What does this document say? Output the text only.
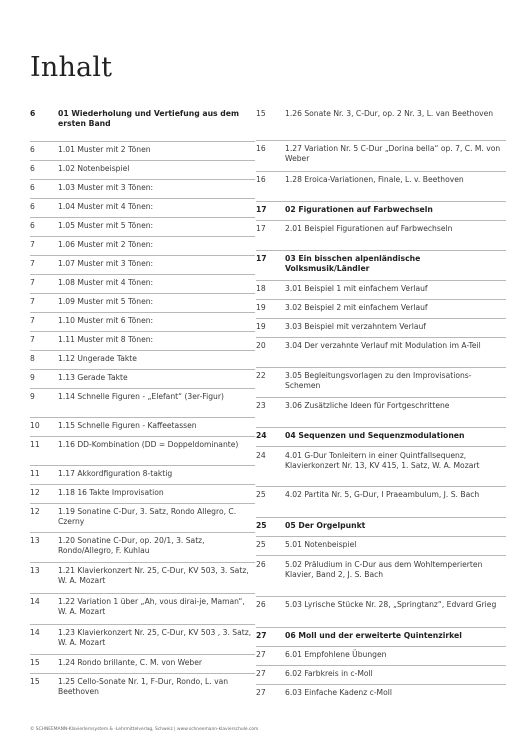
Inhalt
6	01 Wiederholung und Vertiefung aus dem ersten Band
6	1.01 Muster mit 2 Tönen
6	1.02 Notenbeispiel
6	1.03 Muster mit 3 Tönen:
6	1.04 Muster mit 4 Tönen:
6	1.05 Muster mit 5 Tönen:
7	1.06 Muster mit 2 Tönen:
7	1.07 Muster mit 3 Tönen:
7	1.08 Muster mit 4 Tönen:
7	1.09 Muster mit 5 Tönen:
7	1.10 Muster mit 6 Tönen:
7	1.11 Muster mit 8 Tönen:
8	1.12 Ungerade Takte
9	1.13 Gerade Takte
9	1.14 Schnelle Figuren - „Elefant“ (3er-Figur)
10	1.15 Schnelle Figuren - Kaffeetassen
11	1.16 DD-Kombination (DD = Doppeldominante)
11	1.17 Akkordfiguration 8-taktig
12	1.18 16 Takte Improvisation
12	1.19 Sonatine C-Dur, 3. Satz, Rondo Allegro, C. Czerny
13	1.20 Sonatine C-Dur, op. 20/1, 3. Satz, Rondo/Allegro, F. Kuhlau
13	1.21 Klavierkonzert Nr. 25, C-Dur, KV 503, 3. Satz, W. A. Mozart
14	1.22 Variation 1 über „Ah, vous dirai-je, Maman“, W. A. Mozart
14	1.23 Klavierkonzert Nr. 25, C-Dur, KV 503 , 3. Satz, W. A. Mozart
15	1.24 Rondo brillante, C. M. von Weber
15	1.25 Cello-Sonate Nr. 1, F-Dur, Rondo, L. van Beethoven
15	1.26 Sonate Nr. 3, C-Dur, op. 2 Nr. 3, L. van Beethoven
16	1.27 Variation Nr. 5 C-Dur „Dorina bella“ op. 7, C. M. von Weber
16	1.28 Eroica-Variationen, Finale, L. v. Beethoven
17	02 Figurationen auf Farbwechseln
17	2.01 Beispiel Figurationen auf Farbwechseln
17	03 Ein bisschen alpenländische Volksmusik/Ländler
18	3.01 Beispiel 1 mit einfachem Verlauf
19	3.02 Beispiel 2 mit einfachem Verlauf
19	3.03 Beispiel mit verzahntem Verlauf
20	3.04 Der verzahnte Verlauf mit Modulation im A-Teil
22	3.05 Begleitungsvorlagen zu den Improvisations-Schemen
23	3.06 Zusätzliche Ideen für Fortgeschrittene
24	04 Sequenzen und Sequenzmodulationen
24	4.01 G-Dur Tonleitern in einer Quintfallsequenz, Klavierkonzert Nr. 13, KV 415, 1. Satz, W. A. Mozart
25	4.02 Partita Nr. 5, G-Dur, I Praeambulum, J. S. Bach
25	05 Der Orgelpunkt
25	5.01 Notenbeispiel
26	5.02 Präludium in C-Dur aus dem Wohltemperierten Klavier, Band 2, J. S. Bach
26	5.03 Lyrische Stücke Nr. 28, „Springtanz“, Edvard Grieg
27	06 Moll und der erweiterte Quintenzirkel
27	6.01 Empfohlene Übungen
27	6.02 Farbkreis in c-Moll
27	6.03 Einfache Kadenz c-Moll
© SCHNEEMANN-Klavierlernsystem & -Lehrmittelverlag, Schweiz | www.schneemann-klavierschule.com
